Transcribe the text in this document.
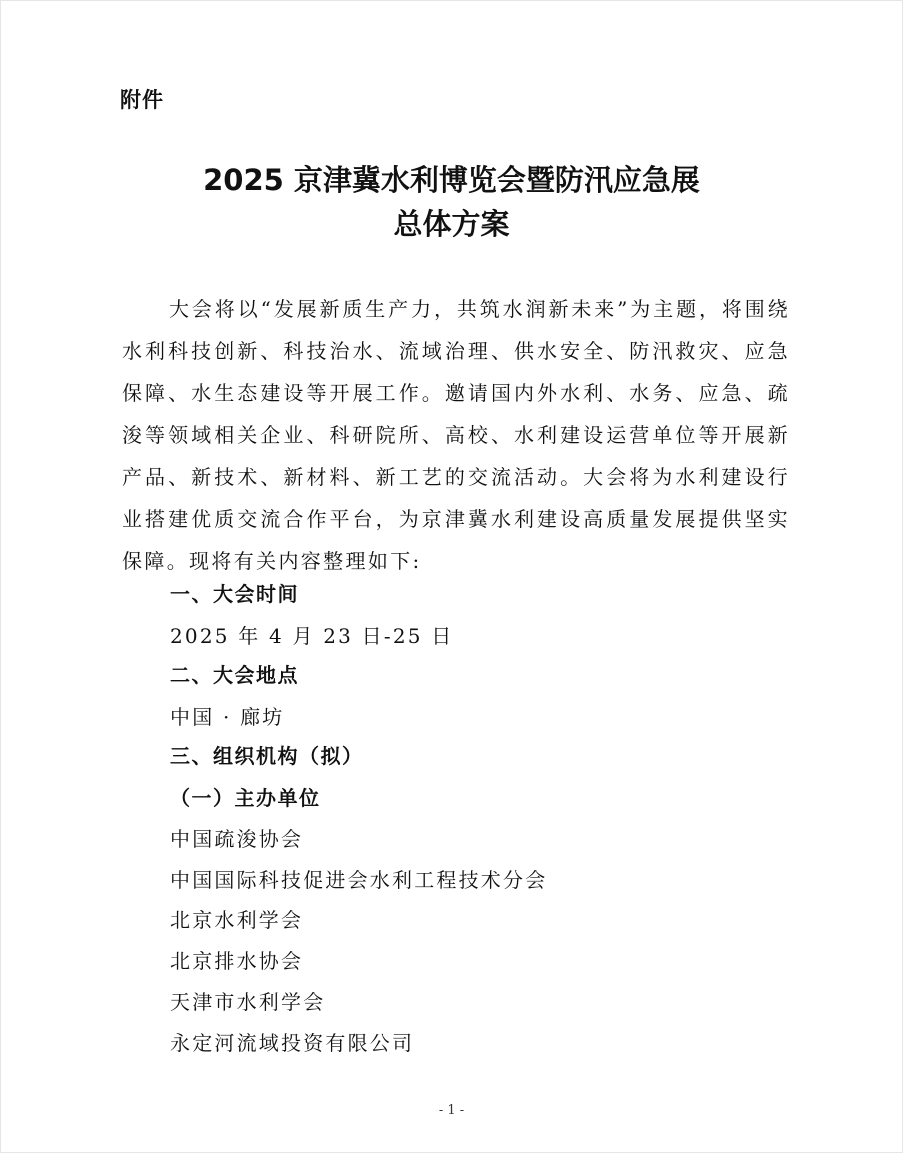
附件
2025 京津冀水利博览会暨防汛应急展
总体方案

大会将以“发展新质生产力，共筑水润新未来”为主题，将围绕水利科技创新、科技治水、流域治理、供水安全、防汛救灾、应急保障、水生态建设等开展工作。邀请国内外水利、水务、应急、疏浚等领域相关企业、科研院所、高校、水利建设运营单位等开展新产品、新技术、新材料、新工艺的交流活动。大会将为水利建设行业搭建优质交流合作平台，为京津冀水利建设高质量发展提供坚实保障。现将有关内容整理如下:

一、大会时间
2025 年 4 月 23 日-25 日
二、大会地点
中国 · 廊坊
三、组织机构（拟）
（一）主办单位
中国疏浚协会
中国国际科技促进会水利工程技术分会
北京水利学会
北京排水协会
天津市水利学会
永定河流域投资有限公司
- 1 -
